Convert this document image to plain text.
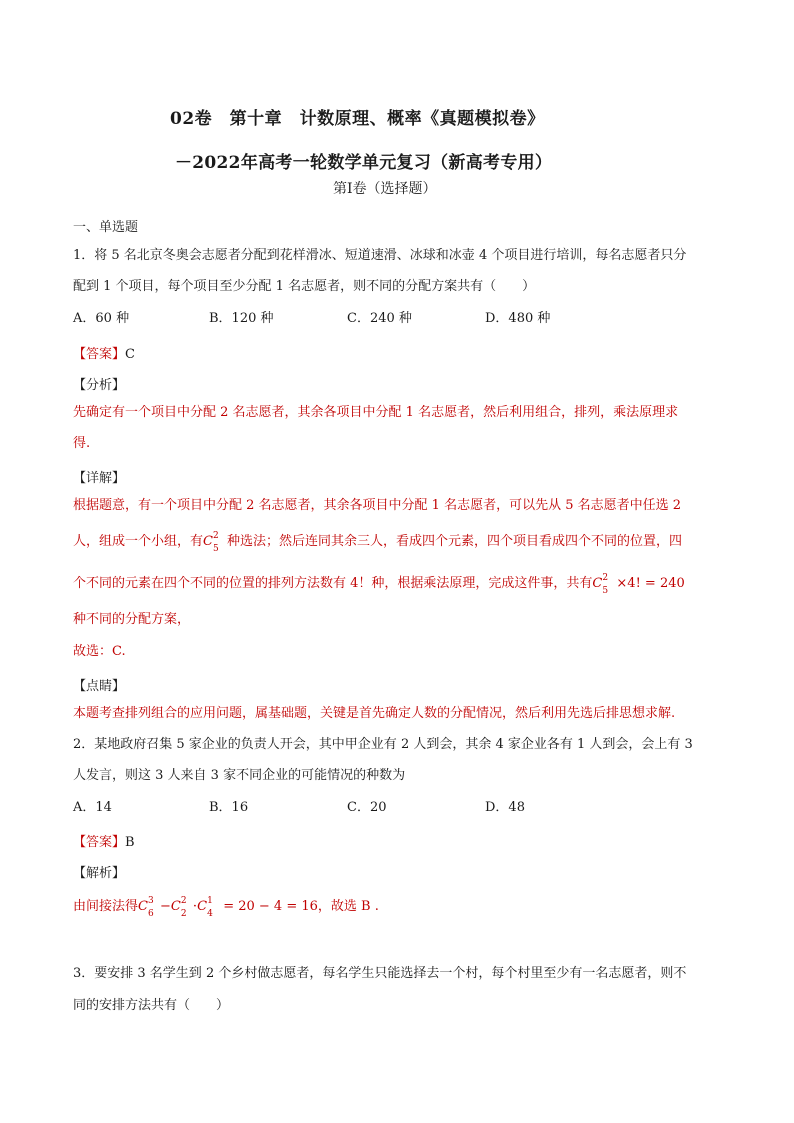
02卷　第十章　计数原理、概率《真题模拟卷》
－2022年高考一轮数学单元复习（新高考专用）
第Ⅰ卷（选择题）
一、单选题
1．将 5 名北京冬奥会志愿者分配到花样滑冰、短道速滑、冰球和冰壶 4 个项目进行培训，每名志愿者只分
配到 1 个项目，每个项目至少分配 1 名志愿者，则不同的分配方案共有（　　）
A．60 种	B．120 种	C．240 种	D．480 种
【答案】C
【分析】
先确定有一个项目中分配 2 名志愿者，其余各项目中分配 1 名志愿者，然后利用组合，排列，乘法原理求
得.
【详解】
根据题意，有一个项目中分配 2 名志愿者，其余各项目中分配 1 名志愿者，可以先从 5 名志愿者中任选 2
人，组成一个小组，有C 2
5 种选法；然后连同其余三人，看成四个元素，四个项目看成四个不同的位置，四
个不同的元素在四个不同的位置的排列方法数有 4！种，根据乘法原理，完成这件事，共有C 2
5 ×4! = 240
种不同的分配方案，
故选：C.
【点睛】
本题考查排列组合的应用问题，属基础题，关键是首先确定人数的分配情况，然后利用先选后排思想求解.
2．某地政府召集 5 家企业的负责人开会，其中甲企业有 2 人到会，其余 4 家企业各有 1 人到会，会上有 3
人发言，则这 3 人来自 3 家不同企业的可能情况的种数为
A．14	B．16	C．20	D．48
【答案】B
【解析】
由间接法得C 3
6 −C 2
2 ·C 1
4 = 20 − 4 = 16，故选 B .
3．要安排 3 名学生到 2 个乡村做志愿者，每名学生只能选择去一个村，每个村里至少有一名志愿者，则不
同的安排方法共有（　　）
